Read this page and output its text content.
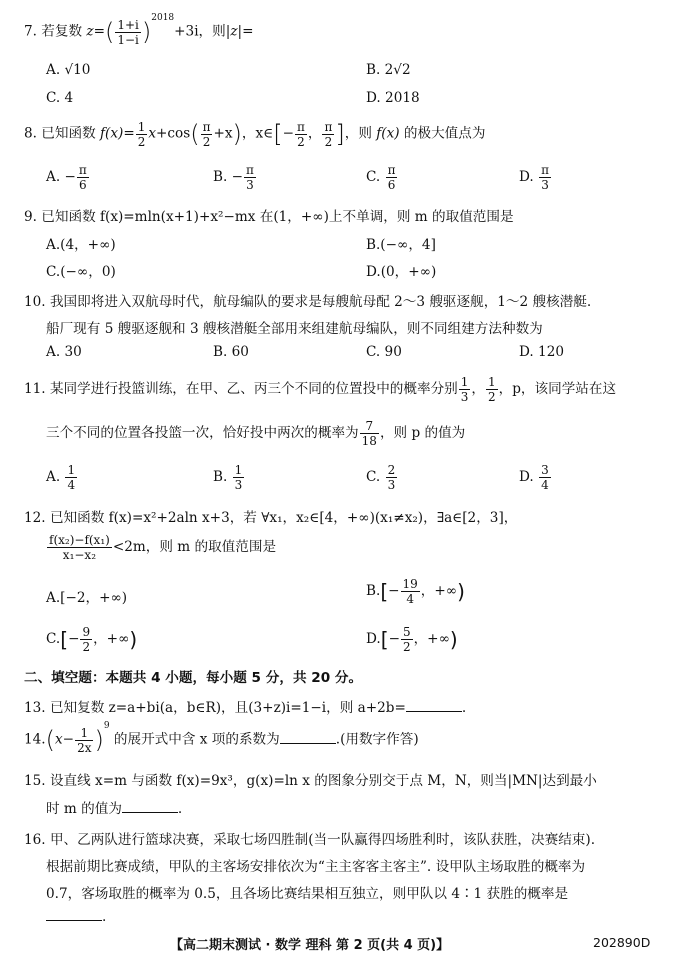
7. 若复数 $z=( \frac{1+i}{1-i} )^{2018}+3i$，则|z|=
A. √10	B. 2√2
C. 4	D. 2018
8. 已知函数 $f(x)= \frac{1}{2} x+\cos( \frac{\pi}{2} +x)$，x∈[− $\frac{\pi}{2}$ ， $\frac{\pi}{2}$ ]，则 f(x) 的极大值点为
A. − $\frac{\pi}{6}$	B. − $\frac{\pi}{3}$	C. $\frac{\pi}{6}$	D. $\frac{\pi}{3}$
9. 已知函数 f(x)=mln(x+1)+x²−mx 在(1，+∞)上不单调，则 m 的取值范围是
A.(4，+∞)	B.(−∞，4]
C.(−∞，0)	D.(0，+∞)
10. 我国即将进入双航母时代，航母编队的要求是每艘航母配 2～3 艘驱逐舰，1～2 艘核潜艇.
船厂现有 5 艘驱逐舰和 3 艘核潜艇全部用来组建航母编队，则不同组建方法种数为
A. 30	B. 60	C. 90	D. 120
11. 某同学进行投篮训练，在甲、乙、丙三个不同的位置投中的概率分别 $\frac{1}{3}$ ， $\frac{1}{2}$ ，p，该同学站在这
三个不同的位置各投篮一次，恰好投中两次的概率为 $\frac{7}{18}$ ，则 p 的值为
A. $\frac{1}{4}$	B. $\frac{1}{3}$	C. $\frac{2}{3}$	D. $\frac{3}{4}$
12. 已知函数 f(x)=x²+2aln x+3，若 ∀x₁，x₂∈[4，+∞)(x₁≠x₂)，∃a∈[2，3]，
$\frac{\text{f(x₂)−f(x₁)}}{\text{x₁−x₂}} <2m$，则 m 的取值范围是
A.[−2，+∞)	$B.[- \frac{19}{4}$ ，+∞)
$C.[- \frac{9}{2}$ ，+∞)	$D.[- \frac{5}{2}$ ，+∞)
二、填空题：本题共 4 小题，每小题 5 分，共 20 分。
13. 已知复数 z=a+bi(a，b∈R)，且(3+z)i=1−i，则 a+2b=	.
$14.(x- \frac{1}{2x} )^9$ 的展开式中含 x 项的系数为	.(用数字作答)
15. 设直线 x=m 与函数 f(x)=9x³，g(x)=ln x 的图象分别交于点 M，N，则当|MN|达到最小
时 m 的值为	.
16. 甲、乙两队进行篮球决赛，采取七场四胜制(当一队赢得四场胜利时，该队获胜，决赛结束).
根据前期比赛成绩，甲队的主客场安排依次为“主主客客主客主”. 设甲队主场取胜的概率为
0.7，客场取胜的概率为 0.5，且各场比赛结果相互独立，则甲队以 4∶1 获胜的概率是
.
【高二期末测试 · 数学 理科 第 2 页(共 4 页)】	202890D
